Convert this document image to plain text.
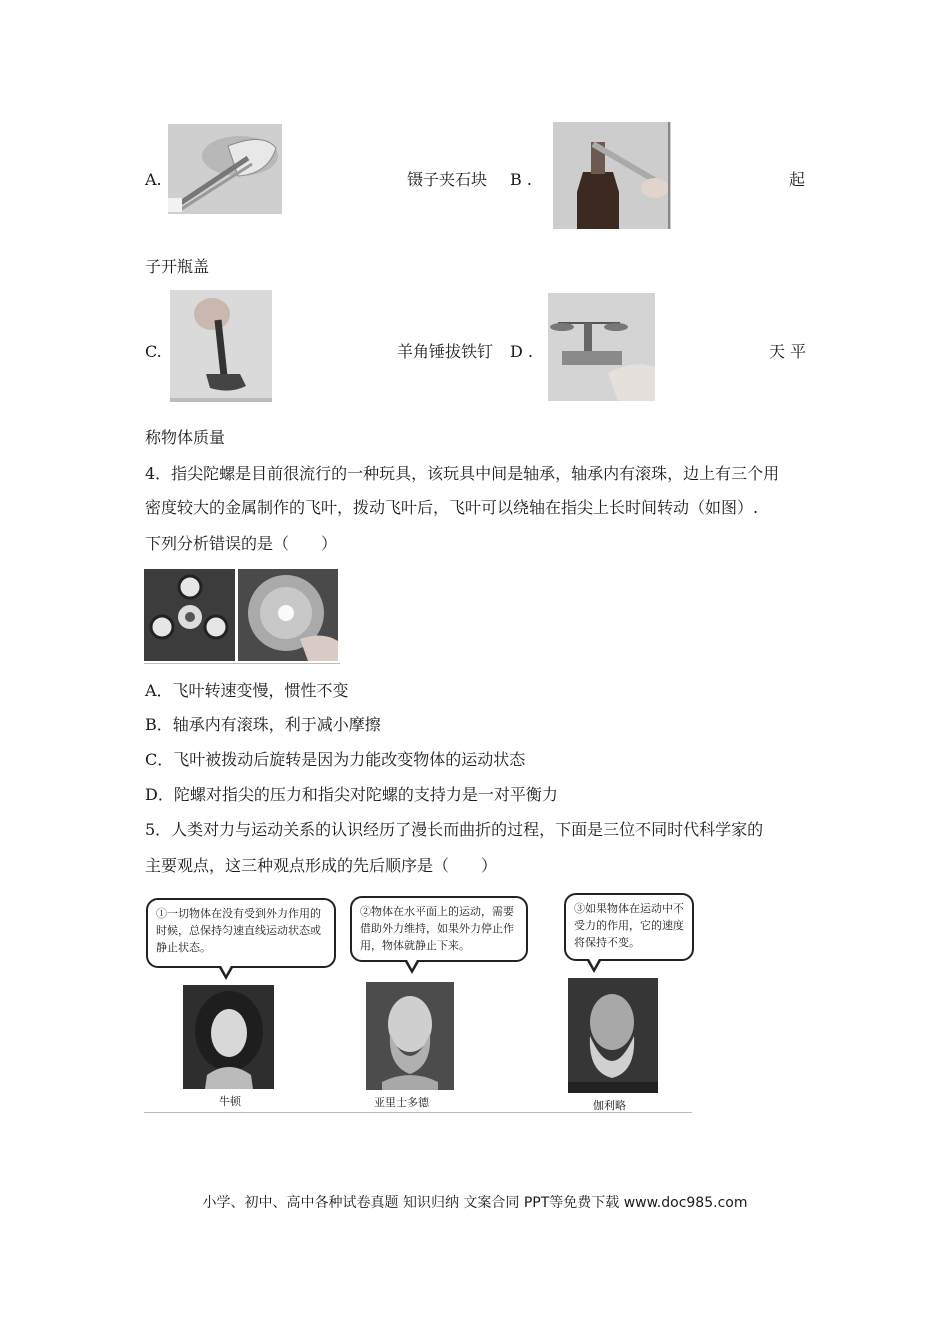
A.	镊子夹石块 B .	起
子开瓶盖
C.	羊角锤拔铁钉 D .	天 平
称物体质量
4．指尖陀螺是目前很流行的一种玩具，该玩具中间是轴承，轴承内有滚珠，边上有三个用
密度较大的金属制作的飞叶，拨动飞叶后，飞叶可以绕轴在指尖上长时间转动（如图）.
下列分析错误的是（　　）
A．飞叶转速变慢，惯性不变
B．轴承内有滚珠，利于减小摩擦
C．飞叶被拨动后旋转是因为力能改变物体的运动状态
D．陀螺对指尖的压力和指尖对陀螺的支持力是一对平衡力
5．人类对力与运动关系的认识经历了漫长而曲折的过程，下面是三位不同时代科学家的
主要观点，这三种观点形成的先后顺序是（　　）
①一切物体在没有受到外力作用的时候，总保持匀速直线运动状态或静止状态。
牛顿
②物体在水平面上的运动，需要借助外力维持，如果外力停止作用，物体就静止下来。
亚里士多德
③如果物体在运动中不受力的作用，它的速度将保持不变。
伽利略
小学、初中、高中各种试卷真题 知识归纳 文案合同 PPT等免费下载 www.doc985.com
